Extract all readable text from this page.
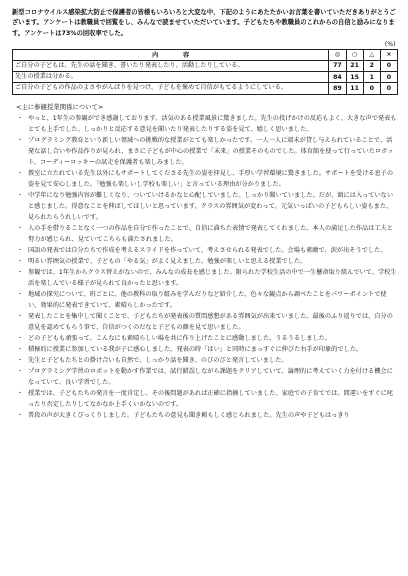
新型コロナウイルス感染拡大防止で保護者の皆様もいろいろと大変な中、下記のようにあたたかいお言葉を書いていただきありがとうございます。アンケートは教職員で回覧をし、みんなで読ませていただいています。子どもたちや教職員のこれからの自信と励みになります。アンケートは73%の回収率でした。

(%)				
内　　　　容	◎	○	△	×
ご自分の子どもは、先生の話を聞き、書いたり発表したり、活動したりしている。	77	21	2	0
先生の授業は分かる。	84	15	1	0
ご自分の子どもの作品のよさやがんばりを見つけ、子どもを褒めて自信がもてるようにしている。	89	11	0	0
<主に参観授業関係について>
・ やっと、1年生の参観ができ感謝しております。活気のある授業風景に驚きました。先生の投げかけの反応もよく、大きな声で発表もとても上手でした。しっかりと反応する意見を聞いたり発表したりする姿を見て、嬉しく思いました。
・ プログラミング教育という新しい領域への挑戦的な授業がとても楽しかったです。一人一人に端末が貸し与えられていることで、活発な話し合いや作品作りが見られ、まさに子どもが中心の授業で「未来」の授業そのものでした。体育館を使って行っていたロボット、コーディーロッキーの試走を保護者も楽しみました。
・ 教室に立たれている先生以外にもサポートしてくださる先生の姿を拝見し、手厚い学習環境に驚きました。サポートを受ける息子の姿を見て安心しました。「勉強も楽しいし学校も楽しい」と言っている理由が分かりました。
・ 中学年になり勉強内容が難しくなり、ついていけるかなと心配していました。しっかり聞いていました。だが、頭には入っていないと感じました。得意なことを伸ばしてほしいと思っています。クラスの雰囲気が変わって、元気いっぱいの子どもらしい姿もまた、見られたらうれしいです。
・ 人の手を借りることなく一つの作品を自分で作ったことで、自信に満ちた表情で発表してくれました。本人の満足した作品は工夫と努力が感じられ、見ていてこちらも満たされました。
・ 国語の発表では自分たちで作成を考えるスライドを作っていて、考えさせられる発表でした。会場も素敵で、涙が出そうでした。
・ 明るい雰囲気の授業で、子どもの「やる気」がよく見えました。勉強が楽しいと思える授業でした。
・ 参観では、1年生からクラス替えがないので、みんなの成長を感じました。限られた学校生活の中で一生懸命取り組んでいて、学校生活を楽しんでいる様子が見られて良かったと思います。
・ 地域の探究について、班ごとに、他の教科の取り組みを学んだりなど紹介した、色々な観点から調べたことをパワーポイントで使い、効果的に発表できていて、素晴らしかったです。
・ 発表したことを集中して聞くことで、子どもたちが発表後の質問感想がある雰囲気が出来ていました。最後のふり返りでは、自分の意見を認めてもらう事で、自信がつくのだなと子どもの顔を見て思いました。
・ どの子どもも頑張って、こんなにも素晴らしい場を共に作り上げたことに感動しました。うるうるしました。
・ 積極的に授業に参加している我が子に感心しました。発表の時「はい」と同時にまっすぐに伸びた右手が印象的でした。
・ 先生と子どもたちとの掛け合いも自然で、しっかり話を聞き、のびのびと発言していました。
・ プログラミング学習のロボットを動かす作業では、試行錯誤しながら課題をクリアしていて、論理的に考えていく力を付ける機会になっていて、良い学習でした。
・ 授業では、子どもたちの発言を一度肯定し、その後問題があれば正確に指摘していました。家庭での子育てでは、間違いをすぐに叱ったり否定したりしてなかなか上手くいかないのです。
・ 普段の声が大きくびっくりしました。子どもたちの意見も聞き頼もしく感じられました。先生の声や子どもはっきり
